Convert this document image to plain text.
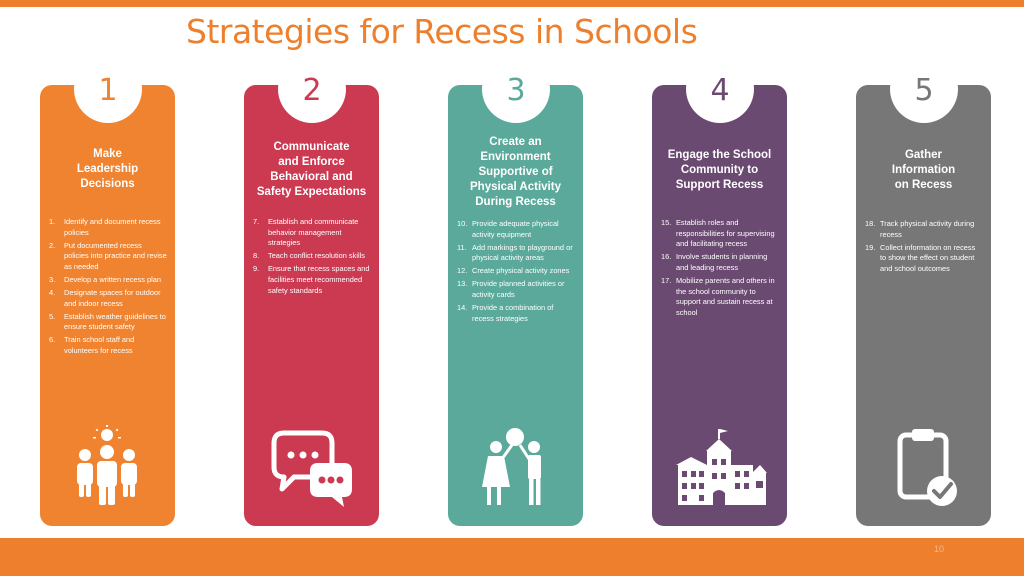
Strategies for Recess in Schools
1
Make
Leadership
Decisions
1.	Identify and document recess policies
2.	Put documented recess policies into practice and revise as needed
3.	Develop a written recess plan
4.	Designate spaces for outdoor and indoor recess
5.	Establish weather guidelines to ensure student safety
6.	Train school staff and volunteers for recess
2
Communicate
and Enforce
Behavioral and
Safety Expectations
7.	Establish and communicate behavior management strategies
8.	Teach conflict resolution skills
9.	Ensure that recess spaces and facilities meet recommended safety standards
3
Create an
Environment
Supportive of
Physical Activity
During Recess
10. Provide adequate physical activity equipment
11. Add markings to playground or physical activity areas
12. Create physical activity zones
13. Provide planned activities or activity cards
14. Provide a combination of recess strategies
4
Engage the School
Community to
Support Recess
15. Establish roles and responsibilities for supervising and facilitating recess
16. Involve students in planning and leading recess
17. Mobilize parents and others in the school community to support and sustain recess at school
5
Gather
Information
on Recess
18. Track physical activity during recess
19. Collect information on recess to show the effect on student and school outcomes
10
